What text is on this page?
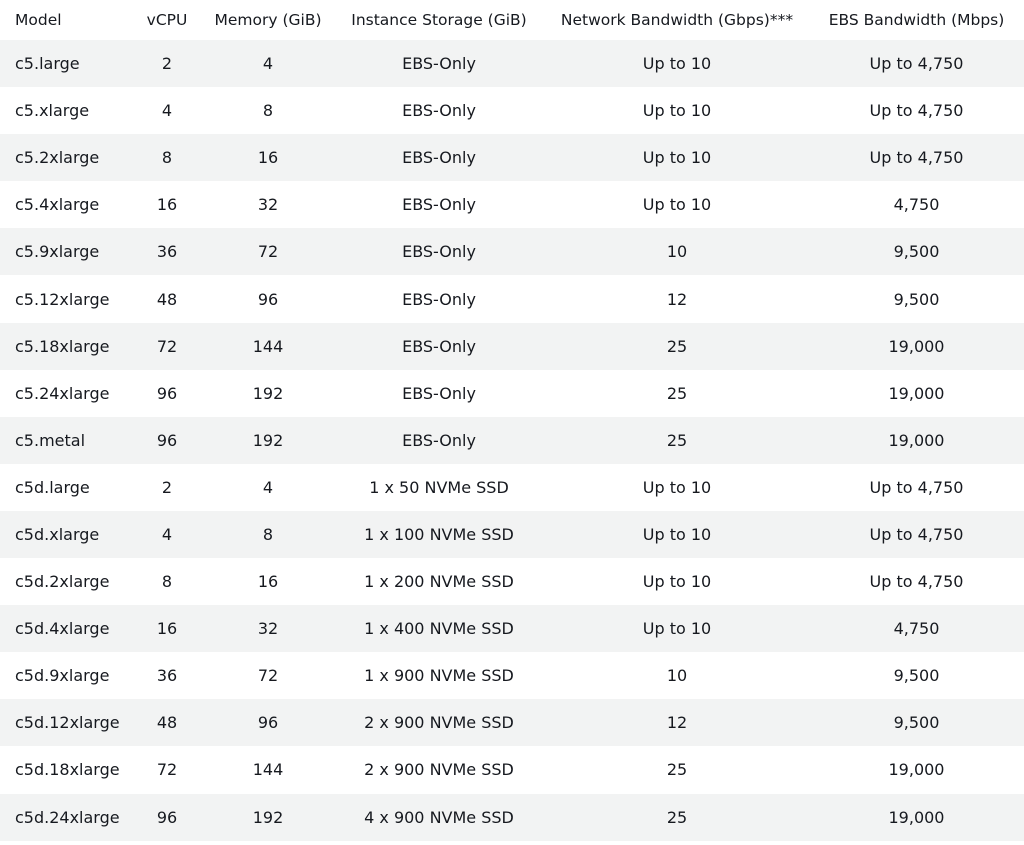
Model	vCPU	Memory (GiB)	Instance Storage (GiB)	Network Bandwidth (Gbps)***	EBS Bandwidth (Mbps)
c5.large	2	4	EBS-Only	Up to 10	Up to 4,750
c5.xlarge	4	8	EBS-Only	Up to 10	Up to 4,750
c5.2xlarge	8	16	EBS-Only	Up to 10	Up to 4,750
c5.4xlarge	16	32	EBS-Only	Up to 10	4,750
c5.9xlarge	36	72	EBS-Only	10	9,500
c5.12xlarge	48	96	EBS-Only	12	9,500
c5.18xlarge	72	144	EBS-Only	25	19,000
c5.24xlarge	96	192	EBS-Only	25	19,000
c5.metal	96	192	EBS-Only	25	19,000
c5d.large	2	4	1 x 50 NVMe SSD	Up to 10	Up to 4,750
c5d.xlarge	4	8	1 x 100 NVMe SSD	Up to 10	Up to 4,750
c5d.2xlarge	8	16	1 x 200 NVMe SSD	Up to 10	Up to 4,750
c5d.4xlarge	16	32	1 x 400 NVMe SSD	Up to 10	4,750
c5d.9xlarge	36	72	1 x 900 NVMe SSD	10	9,500
c5d.12xlarge	48	96	2 x 900 NVMe SSD	12	9,500
c5d.18xlarge	72	144	2 x 900 NVMe SSD	25	19,000
c5d.24xlarge	96	192	4 x 900 NVMe SSD	25	19,000
